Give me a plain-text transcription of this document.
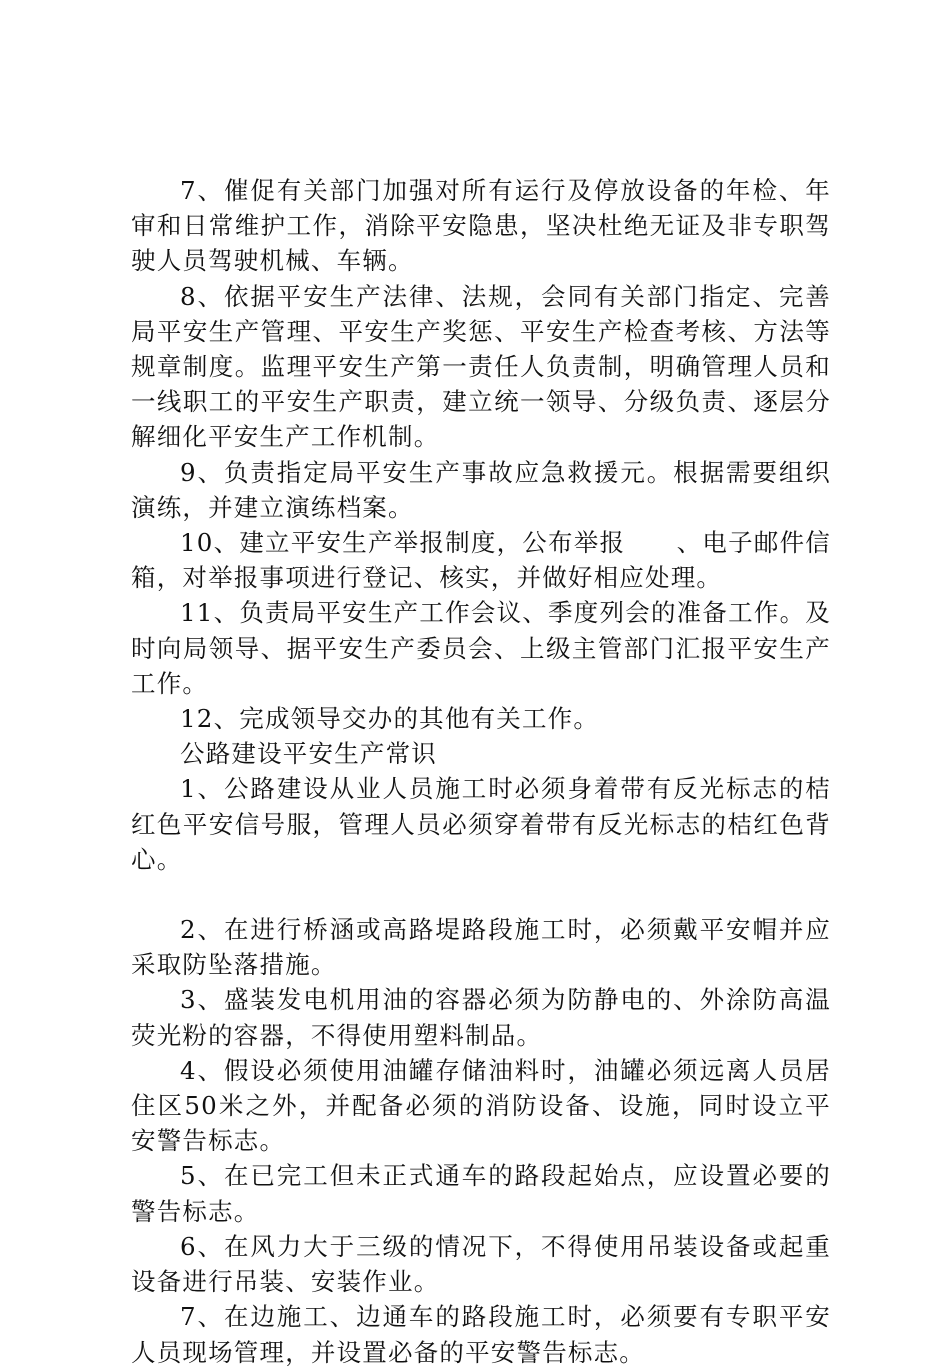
7、催促有关部门加强对所有运行及停放设备的年检、年审和日常维护工作，消除平安隐患，坚决杜绝无证及非专职驾驶人员驾驶机械、车辆。

8、依据平安生产法律、法规，会同有关部门指定、完善局平安生产管理、平安生产奖惩、平安生产检查考核、方法等规章制度。监理平安生产第一责任人负责制，明确管理人员和一线职工的平安生产职责，建立统一领导、分级负责、逐层分解细化平安生产工作机制。

9、负责指定局平安生产事故应急救援元。根据需要组织演练，并建立演练档案。

10、建立平安生产举报制度，公布举报　　、电子邮件信箱，对举报事项进行登记、核实，并做好相应处理。

11、负责局平安生产工作会议、季度列会的准备工作。及时向局领导、据平安生产委员会、上级主管部门汇报平安生产工作。

12、完成领导交办的其他有关工作。

公路建设平安生产常识

1、公路建设从业人员施工时必须身着带有反光标志的桔红色平安信号服，管理人员必须穿着带有反光标志的桔红色背心。

2、在进行桥涵或高路堤路段施工时，必须戴平安帽并应采取防坠落措施。

3、盛装发电机用油的容器必须为防静电的、外涂防高温荧光粉的容器，不得使用塑料制品。

4、假设必须使用油罐存储油料时，油罐必须远离人员居住区50米之外，并配备必须的消防设备、设施，同时设立平安警告标志。

5、在已完工但未正式通车的路段起始点，应设置必要的警告标志。

6、在风力大于三级的情况下，不得使用吊装设备或起重设备进行吊装、安装作业。

7、在边施工、边通车的路段施工时，必须要有专职平安人员现场管理，并设置必备的平安警告标志。
